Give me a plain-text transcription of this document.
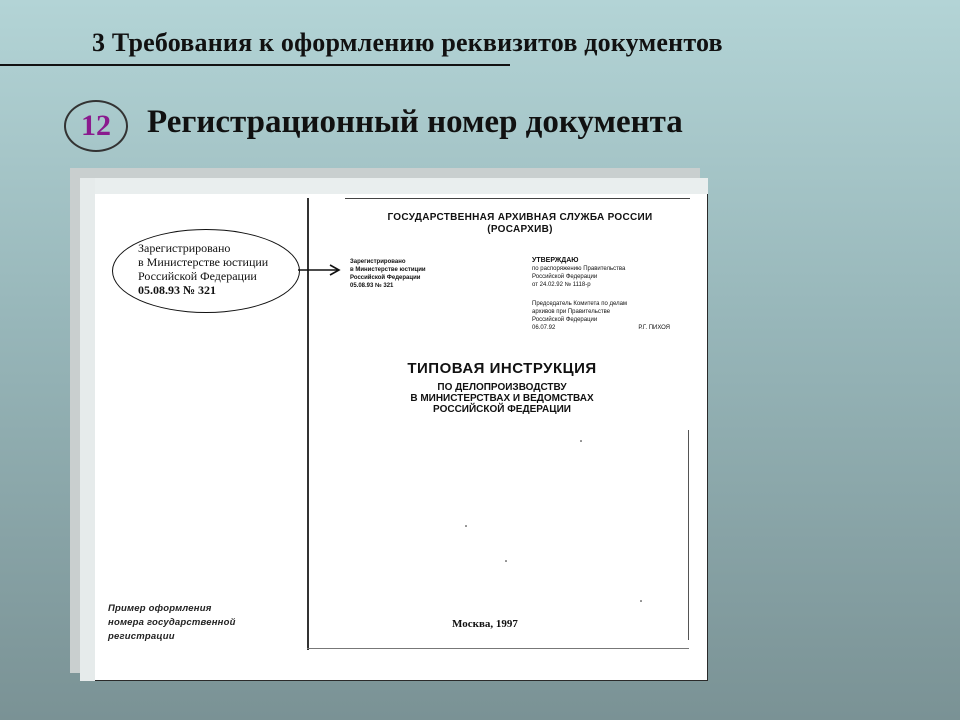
3 Требования к оформлению реквизитов документов
12 Регистрационный номер документа

ГОСУДАРСТВЕННАЯ АРХИВНАЯ СЛУЖБА РОССИИ

(РОСАРХИВ)

Зарегистрировано
в Министерстве юстиции
Российской Федерации
05.08.93 № 321
УТВЕРЖДАЮ
по распоряжению Правительства
Российской Федерации
от 24.02.92 № 1118-р
Председатель Комитета по делам
архивов при Правительстве
Российской Федерации
06.07.92	Р.Г. ПИХОЯ

ТИПОВАЯ ИНСТРУКЦИЯ

ПО ДЕЛОПРОИЗВОДСТВУ
В МИНИСТЕРСТВАХ И ВЕДОМСТВАХ
РОССИЙСКОЙ ФЕДЕРАЦИИ

Москва, 1997

Зарегистрировано
в Министерстве юстиции
Российской Федерации
05.08.93 № 321
Пример оформления
номера государственной
регистрации
